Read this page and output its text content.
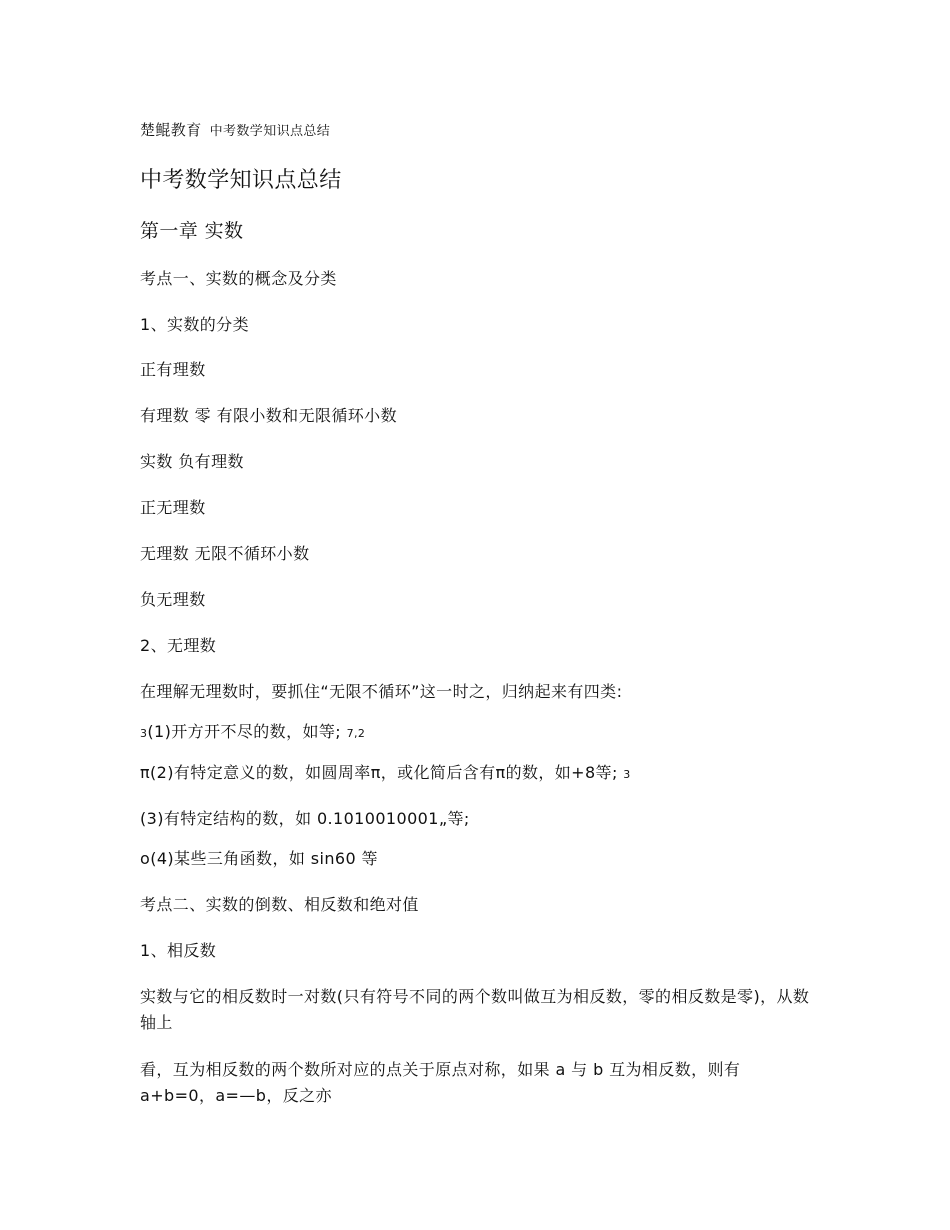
楚鲲教育 中考数学知识点总结

中考数学知识点总结
第一章 实数

考点一、实数的概念及分类

1、实数的分类

正有理数

有理数 零 有限小数和无限循环小数

实数 负有理数

正无理数

无理数 无限不循环小数

负无理数

2、无理数

在理解无理数时，要抓住“无限不循环”这一时之，归纳起来有四类:

3(1)开方开不尽的数，如等; 7,2

π(2)有特定意义的数，如圆周率π，或化简后含有π的数，如+8等; 3

(3)有特定结构的数，如 0.1010010001„等;

o(4)某些三角函数，如 sin60 等

考点二、实数的倒数、相反数和绝对值

1、相反数

实数与它的相反数时一对数(只有符号不同的两个数叫做互为相反数，零的相反数是零)，从数轴上

看，互为相反数的两个数所对应的点关于原点对称，如果 a 与 b 互为相反数，则有 a+b=0，a=—b，反之亦
